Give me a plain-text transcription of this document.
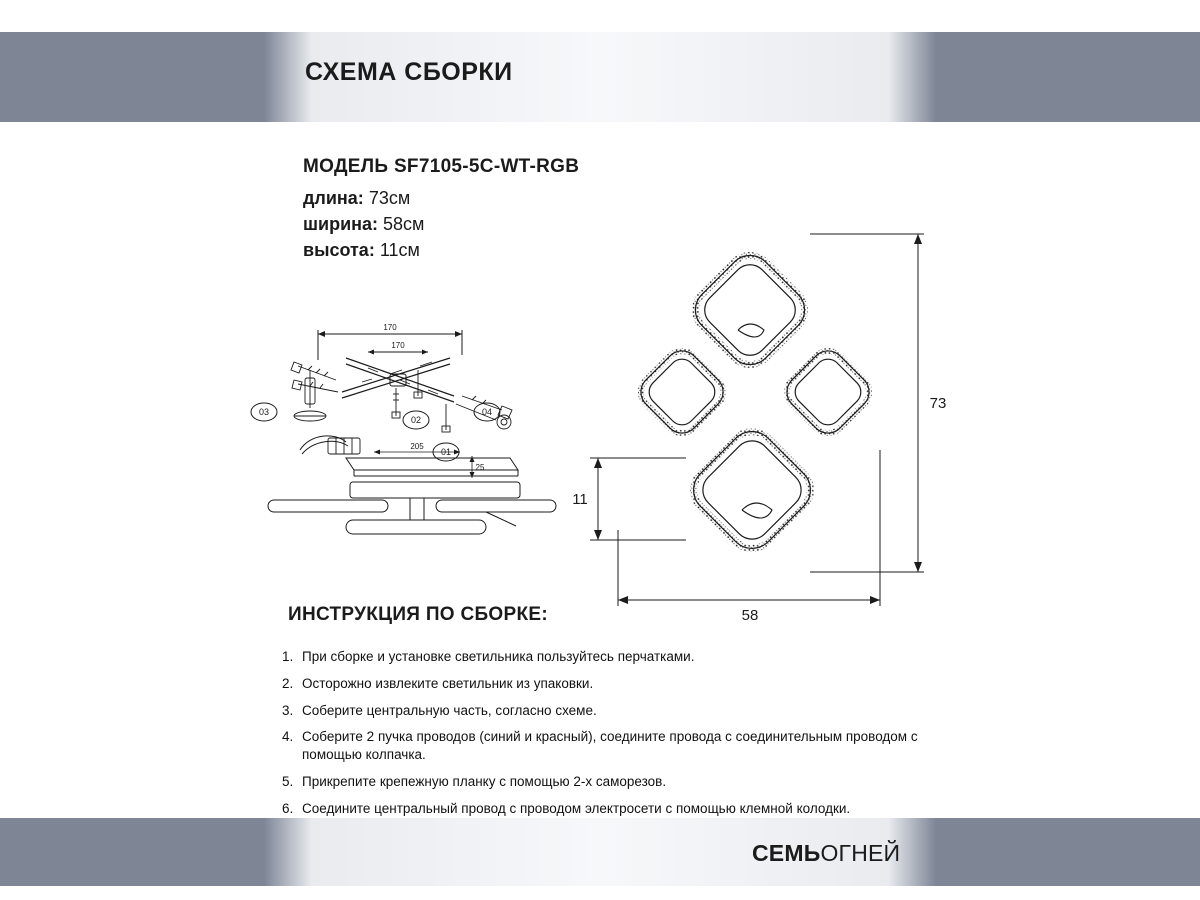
СХЕМА СБОРКИ
МОДЕЛЬ SF7105-5C-WT-RGB
длина: 73см
ширина: 58см
высота: 11см
04
02
01
03
170
170
205
25
73
58
11
ИНСТРУКЦИЯ ПО СБОРКЕ:
1. При сборке и установке светильника пользуйтесь перчатками.
2. Осторожно извлеките светильник из упаковки.
3. Соберите центральную часть, согласно схеме.
4. Соберите 2 пучка проводов (синий и красный), соедините провода с соединительным проводом с помощью колпачка.
5. Прикрепите крепежную планку с помощью 2-х саморезов.
6. Соедините центральный провод с проводом электросети с помощью клемной колодки.
СЕМЬОГНЕЙ
